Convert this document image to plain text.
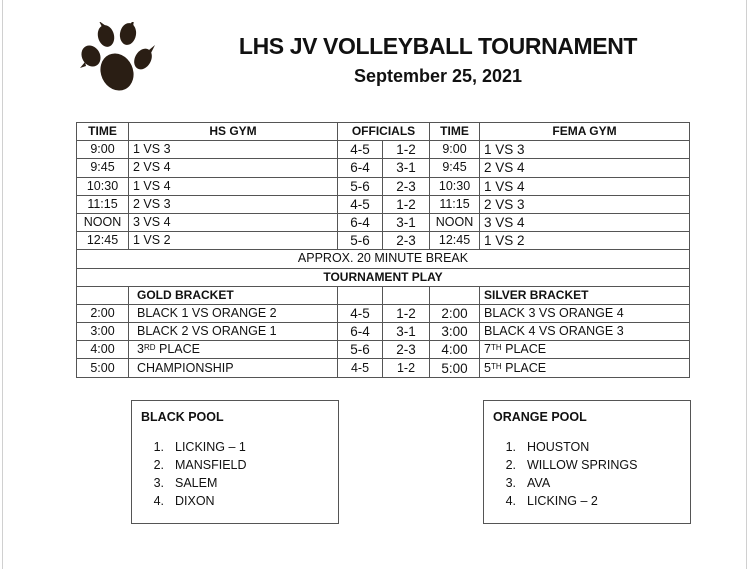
LHS JV VOLLEYBALL TOURNAMENT
September 25, 2021
TIME	HS GYM	OFFICIALS		TIME	FEMA GYM
9:00	1 VS 3	4-5	1-2	9:00	1 VS 3
9:45	2 VS 4	6-4	3-1	9:45	2 VS 4
10:30	1 VS 4	5-6	2-3	10:30	1 VS 4
11:15	2 VS 3	4-5	1-2	11:15	2 VS 3
NOON	3 VS 4	6-4	3-1	NOON	3 VS 4
12:45	1 VS 2	5-6	2-3	12:45	1 VS 2
APPROX. 20 MINUTE BREAK					
TOURNAMENT PLAY					
	GOLD BRACKET				SILVER BRACKET
2:00	BLACK 1 VS ORANGE 2	4-5	1-2	2:00	BLACK 3 VS ORANGE 4
3:00	BLACK 2 VS ORANGE 1	6-4	3-1	3:00	BLACK 4 VS ORANGE 3
4:00	3RD PLACE	5-6	2-3	4:00	7TH PLACE
5:00	CHAMPIONSHIP	4-5	1-2	5:00	5TH PLACE
BLACK POOL
1. LICKING – 1
2. MANSFIELD
3. SALEM
4. DIXON
ORANGE POOL
1. HOUSTON
2. WILLOW SPRINGS
3. AVA
4. LICKING – 2
